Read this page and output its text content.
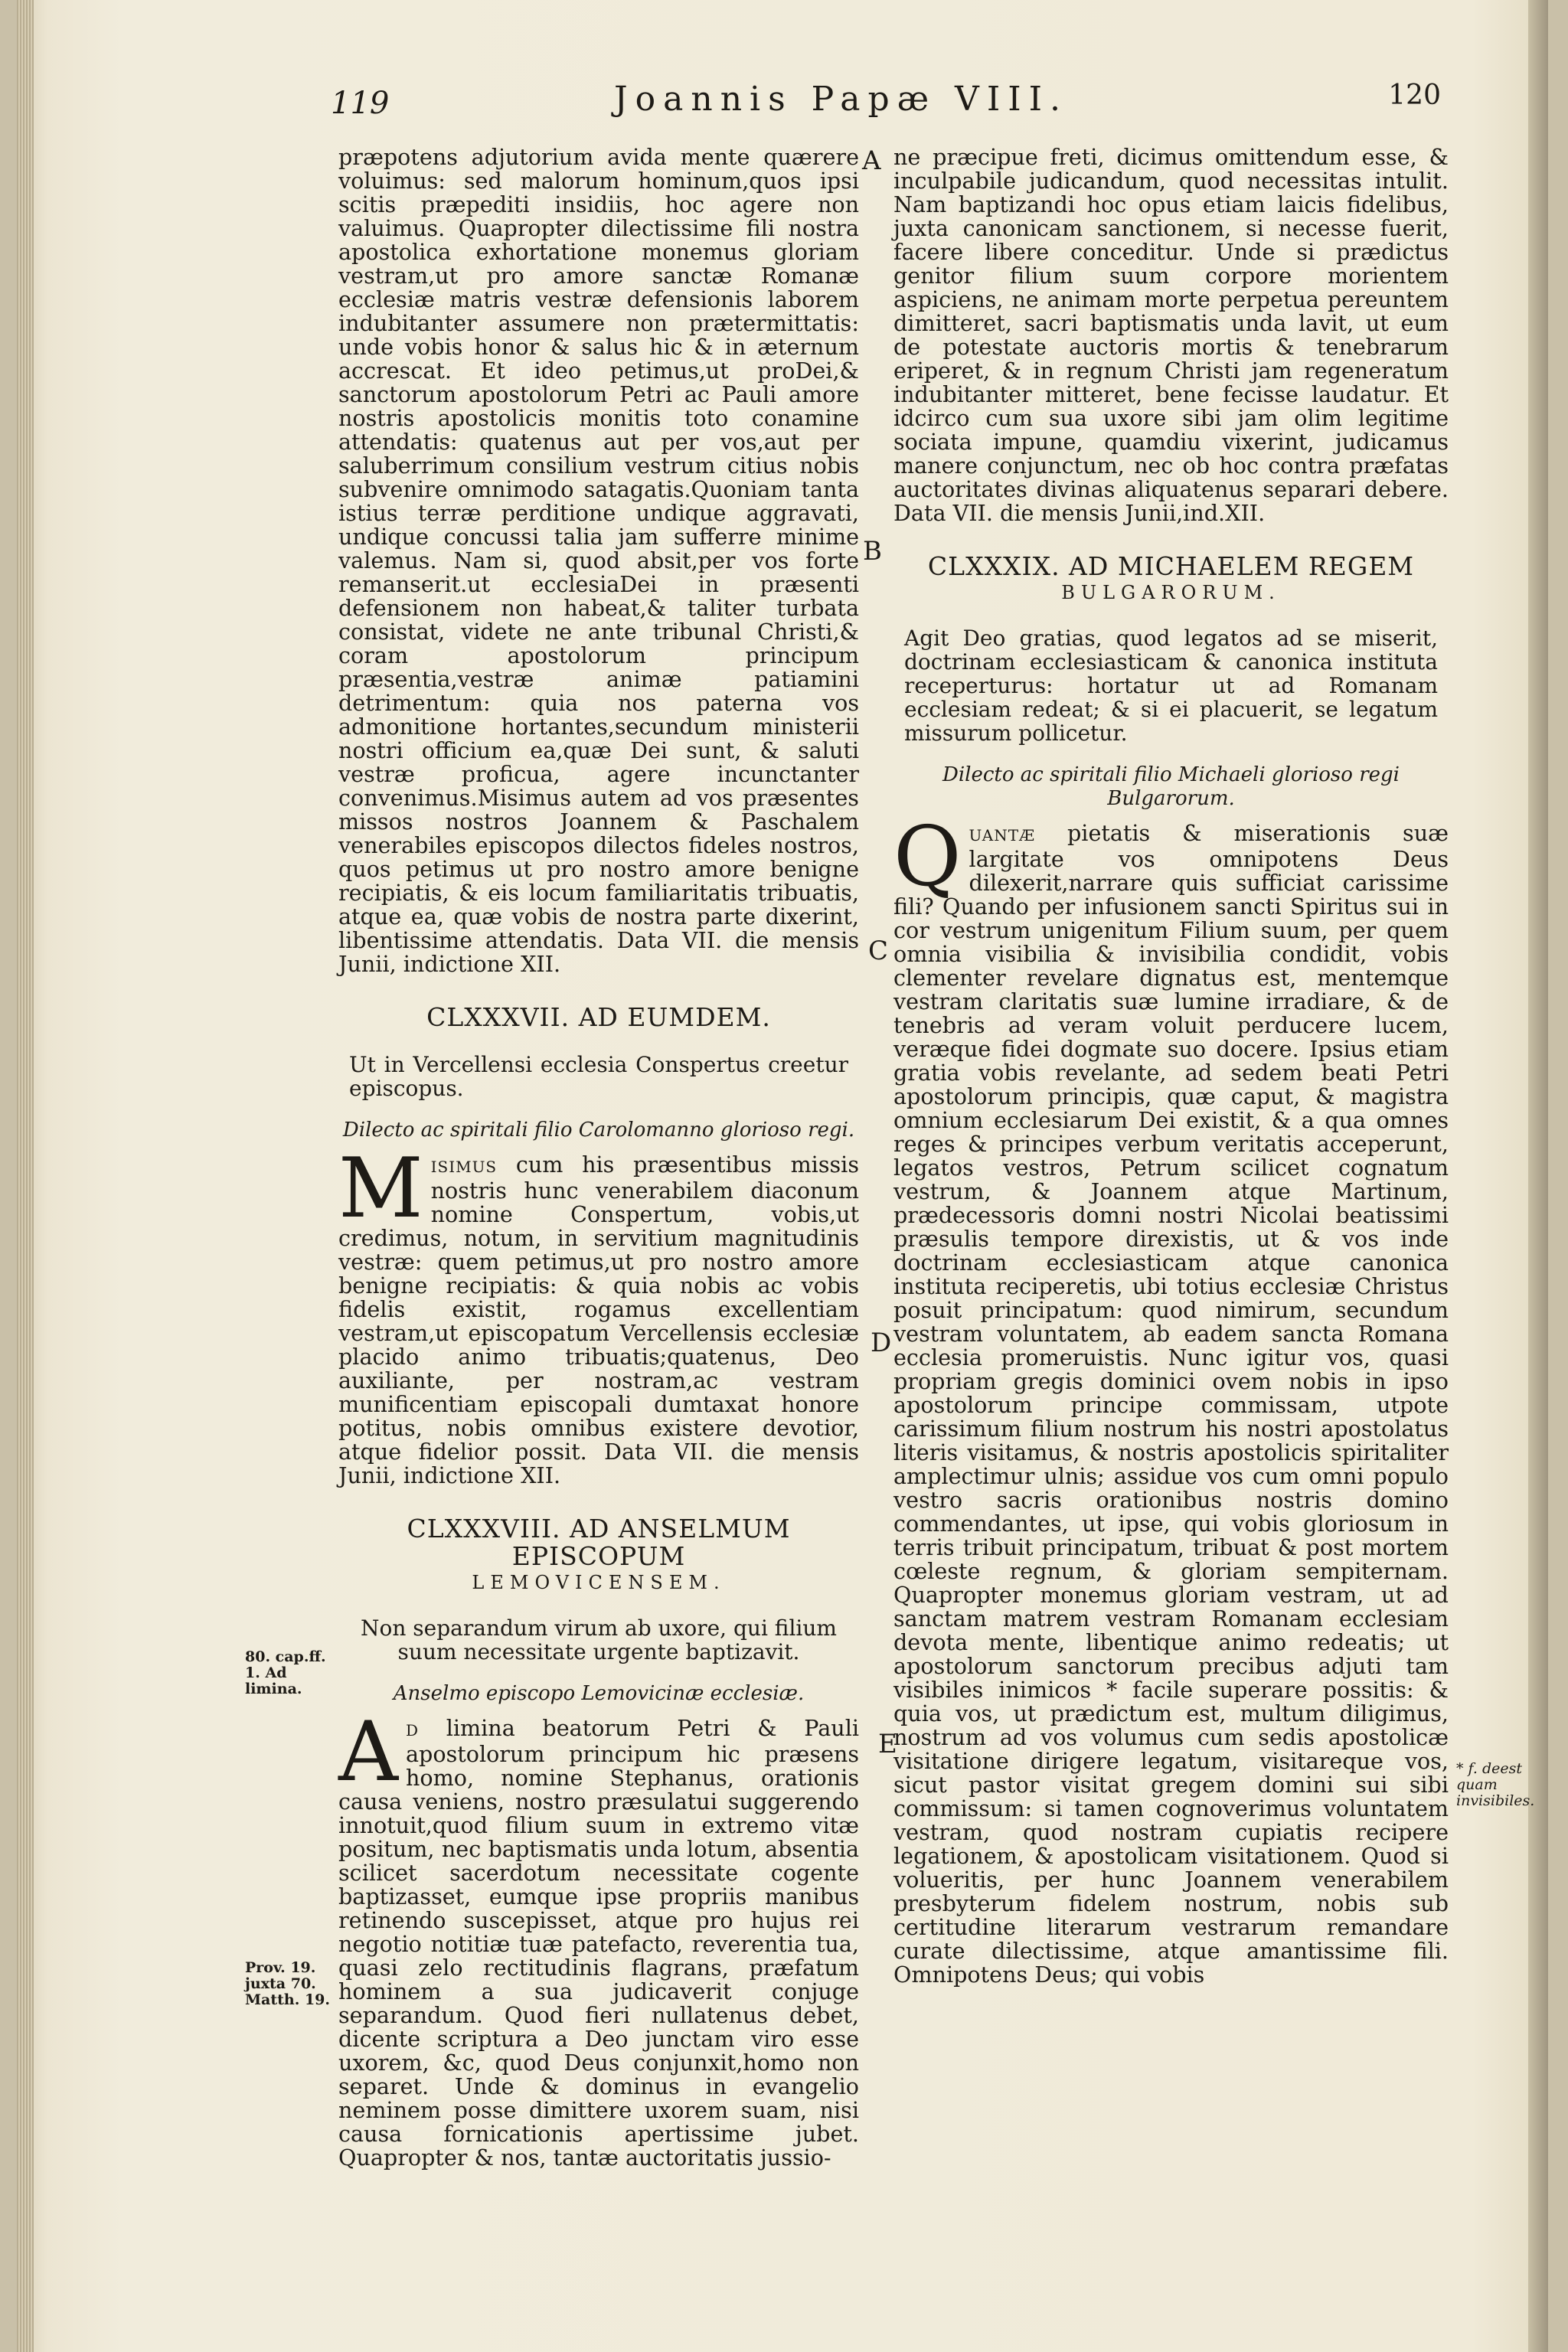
119	Joannis Papæ VIII.	120
A
B
C
D
E
80. cap.ff. 1. Ad limina.
Prov. 19. juxta 70. Matth. 19.
* f. deest quam invisibiles.

præpotens adjutorium avida mente quærere voluimus: sed malorum hominum,quos ipsi scitis præpediti insidiis, hoc agere non valuimus. Quapropter dilectissime fili nostra apostolica exhortatione monemus gloriam vestram,ut pro amore sanctæ Romanæ ecclesiæ matris vestræ defensionis laborem indubitanter assumere non prætermittatis: unde vobis honor & salus hic & in æternum accrescat. Et ideo petimus,ut proDei,& sanctorum apostolorum Petri ac Pauli amore nostris apostolicis monitis toto conamine attendatis: quatenus aut per vos,aut per saluberrimum consilium vestrum citius nobis subvenire omnimodo satagatis.Quoniam tanta istius terræ perditione undique aggravati, undique concussi talia jam sufferre minime valemus. Nam si, quod absit,per vos forte remanserit.ut ecclesiaDei in præsenti defensionem non habeat,& taliter turbata consistat, videte ne ante tribunal Christi,& coram apostolorum principum præsentia,vestræ animæ patiamini detrimentum: quia nos paterna vos admonitione hortantes,secundum ministerii nostri officium ea,quæ Dei sunt, & saluti vestræ proficua, agere incunctanter convenimus.Misimus autem ad vos præsentes missos nostros Joannem & Paschalem venerabiles episcopos dilectos fideles nostros, quos petimus ut pro nostro amore benigne recipiatis, & eis locum familiaritatis tribuatis, atque ea, quæ vobis de nostra parte dixerint, libentissime attendatis. Data VII. die mensis Junii, indictione XII.

CLXXXVII. AD EUMDEM.
Ut in Vercellensi ecclesia Conspertus creetur episcopus.
Dilecto ac spiritali filio Carolomanno glorioso regi.

MISIMUS cum his præsentibus missis nostris hunc venerabilem diaconum nomine Conspertum, vobis,ut credimus, notum, in servitium magnitudinis vestræ: quem petimus,ut pro nostro amore benigne recipiatis: & quia nobis ac vobis fidelis existit, rogamus excellentiam vestram,ut episcopatum Vercellensis ecclesiæ placido animo tribuatis;quatenus, Deo auxiliante, per nostram,ac vestram munificentiam episcopali dumtaxat honore potitus, nobis omnibus existere devotior, atque fidelior possit. Data VII. die mensis Junii, indictione XII.

CLXXXVIII. AD ANSELMUM EPISCOPUM
LEMOVICENSEM.
Non separandum virum ab uxore, qui filium suum necessitate urgente baptizavit.
Anselmo episcopo Lemovicinæ ecclesiæ.

A D limina beatorum Petri & Pauli apostolorum principum hic præsens homo, nomine Stephanus, orationis causa veniens, nostro præsulatui suggerendo innotuit,quod filium suum in extremo vitæ positum, nec baptismatis unda lotum, absentia scilicet sacerdotum necessitate cogente baptizasset, eumque ipse propriis manibus retinendo suscepisset, atque pro hujus rei negotio notitiæ tuæ patefacto, reverentia tua, quasi zelo rectitudinis flagrans, præfatum hominem a sua judicaverit conjuge separandum. Quod fieri nullatenus debet, dicente scriptura a Deo junctam viro esse uxorem, &c, quod Deus conjunxit,homo non separet. Unde & dominus in evangelio neminem posse dimittere uxorem suam, nisi causa fornicationis apertissime jubet. Quapropter & nos, tantæ auctoritatis jussio-

ne præcipue freti, dicimus omittendum esse, & inculpabile judicandum, quod necessitas intulit. Nam baptizandi hoc opus etiam laicis fidelibus, juxta canonicam sanctionem, si necesse fuerit, facere libere conceditur. Unde si prædictus genitor filium suum corpore morientem aspiciens, ne animam morte perpetua pereuntem dimitteret, sacri baptismatis unda lavit, ut eum de potestate auctoris mortis & tenebrarum eriperet, & in regnum Christi jam regeneratum indubitanter mitteret, bene fecisse laudatur. Et idcirco cum sua uxore sibi jam olim legitime sociata impune, quamdiu vixerint, judicamus manere conjunctum, nec ob hoc contra præfatas auctoritates divinas aliquatenus separari debere. Data VII. die mensis Junii,ind.XII.

CLXXXIX. AD MICHAELEM REGEM
BULGARORUM.
Agit Deo gratias, quod legatos ad se miserit, doctrinam ecclesiasticam & canonica instituta receperturus: hortatur ut ad Romanam ecclesiam redeat; & si ei placuerit, se legatum missurum pollicetur.
Dilecto ac spiritali filio Michaeli glorioso regi Bulgarorum.

QUANTÆ pietatis & miserationis suæ largitate vos omnipotens Deus dilexerit,narrare quis sufficiat carissime fili? Quando per infusionem sancti Spiritus sui in cor vestrum unigenitum Filium suum, per quem omnia visibilia & invisibilia condidit, vobis clementer revelare dignatus est, mentemque vestram claritatis suæ lumine irradiare, & de tenebris ad veram voluit perducere lucem, veræque fidei dogmate suo docere. Ipsius etiam gratia vobis revelante, ad sedem beati Petri apostolorum principis, quæ caput, & magistra omnium ecclesiarum Dei existit, & a qua omnes reges & principes verbum veritatis acceperunt, legatos vestros, Petrum scilicet cognatum vestrum, & Joannem atque Martinum, prædecessoris domni nostri Nicolai beatissimi præsulis tempore direxistis, ut & vos inde doctrinam ecclesiasticam atque canonica instituta reciperetis, ubi totius ecclesiæ Christus posuit principatum: quod nimirum, secundum vestram voluntatem, ab eadem sancta Romana ecclesia promeruistis. Nunc igitur vos, quasi propriam gregis dominici ovem nobis in ipso apostolorum principe commissam, utpote carissimum filium nostrum his nostri apostolatus literis visitamus, & nostris apostolicis spiritaliter amplectimur ulnis; assidue vos cum omni populo vestro sacris orationibus nostris domino commendantes, ut ipse, qui vobis gloriosum in terris tribuit principatum, tribuat & post mortem cœleste regnum, & gloriam sempiternam. Quapropter monemus gloriam vestram, ut ad sanctam matrem vestram Romanam ecclesiam devota mente, libentique animo redeatis; ut apostolorum sanctorum precibus adjuti tam visibiles inimicos * facile superare possitis: & quia vos, ut prædictum est, multum diligimus, nostrum ad vos volumus cum sedis apostolicæ visitatione dirigere legatum, visitareque vos, sicut pastor visitat gregem domini sui sibi commissum: si tamen cognoverimus voluntatem vestram, quod nostram cupiatis recipere legationem, & apostolicam visitationem. Quod si volueritis, per hunc Joannem venerabilem presbyterum fidelem nostrum, nobis sub certitudine literarum vestrarum remandare curate dilectissime, atque amantissime fili. Omnipotens Deus; qui vobis
